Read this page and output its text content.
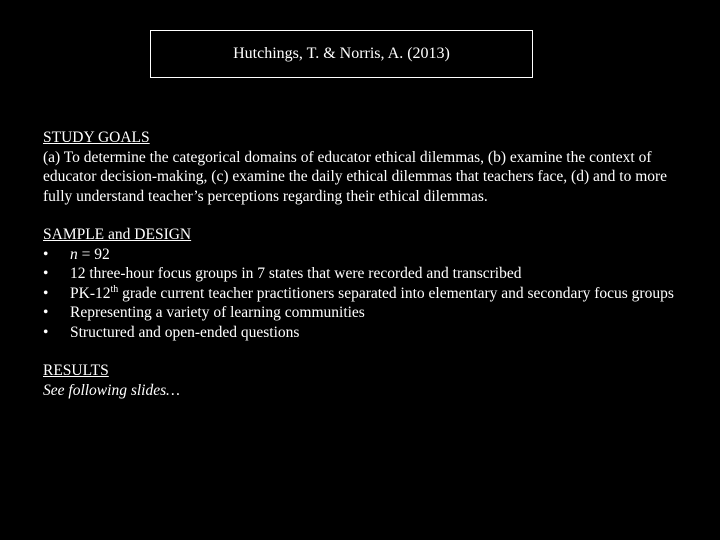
Hutchings, T. & Norris, A. (2013)
STUDY GOALS

(a) To determine the categorical domains of educator ethical dilemmas, (b) examine the context of educator decision-making, (c) examine the daily ethical dilemmas that teachers face, (d) and to more fully understand teacher’s perceptions regarding their ethical dilemmas.

SAMPLE and DESIGN
• n = 92
• 12 three-hour focus groups in 7 states that were recorded and transcribed
• PK-12th grade current teacher practitioners separated into elementary and secondary focus groups
• Representing a variety of learning communities
• Structured and open-ended questions
RESULTS
See following slides…
